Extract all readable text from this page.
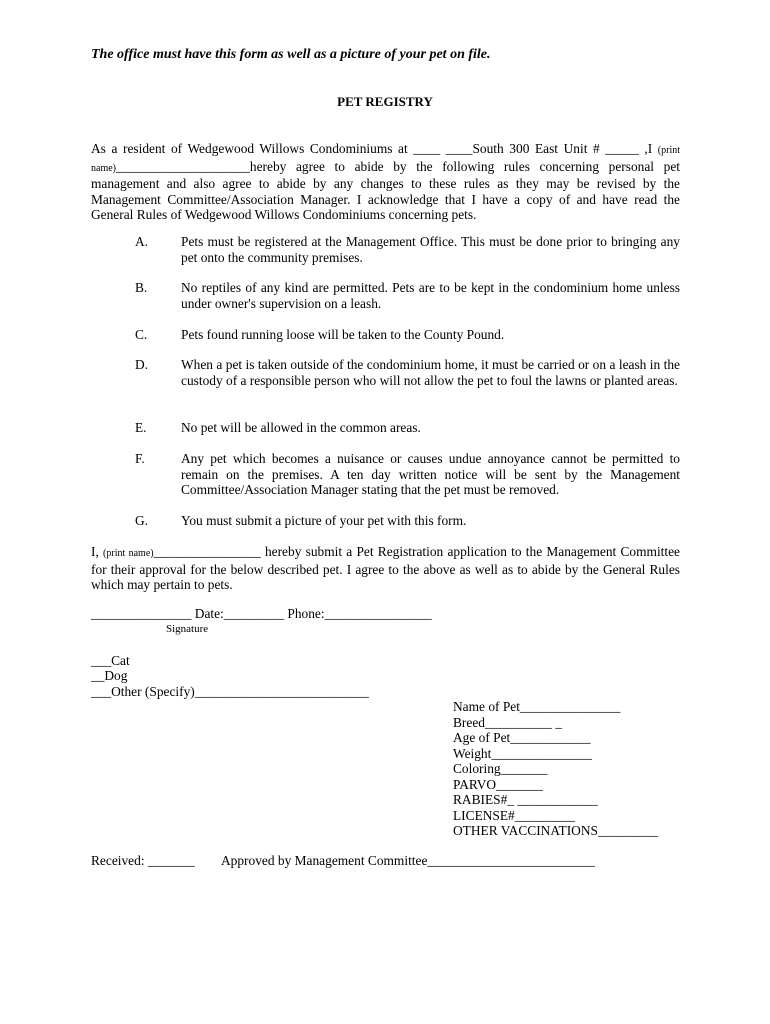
The office must have this form as well as a picture of your pet on file.
PET REGISTRY
As a resident of Wedgewood Willows Condominiums at ____ ____South 300 East Unit # _____ ,I (print name)____________________hereby agree to abide by the following rules concerning personal pet management and also agree to abide by any changes to these rules as they may be revised by the Management Committee/Association Manager. I acknowledge that I have a copy of and have read the General Rules of Wedgewood Willows Condominiums concerning pets.
A. Pets must be registered at the Management Office. This must be done prior to bringing any pet onto the community premises.
B.	No reptiles of any kind are permitted. Pets are to be kept in the condominium home unless under owner's supervision on a leash.
C.	Pets found running loose will be taken to the County Pound.
D. When a pet is taken outside of the condominium home, it must be carried or on a leash in the custody of a responsible person who will not allow the pet to foul the lawns or planted areas.
E.	No pet will be allowed in the common areas.
F.	Any pet which becomes a nuisance or causes undue annoyance cannot be permitted to remain on the premises. A ten day written notice will be sent by the Management Committee/Association Manager stating that the pet must be removed.
G. You must submit a picture of your pet with this form.
I, (print name)________________ hereby submit a Pet Registration application to the Management Committee for their approval for the below described pet. I agree to the above as well as to abide by the General Rules which may pertain to pets.
_______________ Date:_________ Phone:________________
Signature
___Cat
__Dog
___Other (Specify)__________________________
Name of Pet_______________
Breed__________ _
Age of Pet____________
Weight_______________
Coloring_______
PARVO_______
RABIES#_ ____________
LICENSE#_________
OTHER VACCINATIONS_________
Received: _______ Approved by Management Committee_________________________
